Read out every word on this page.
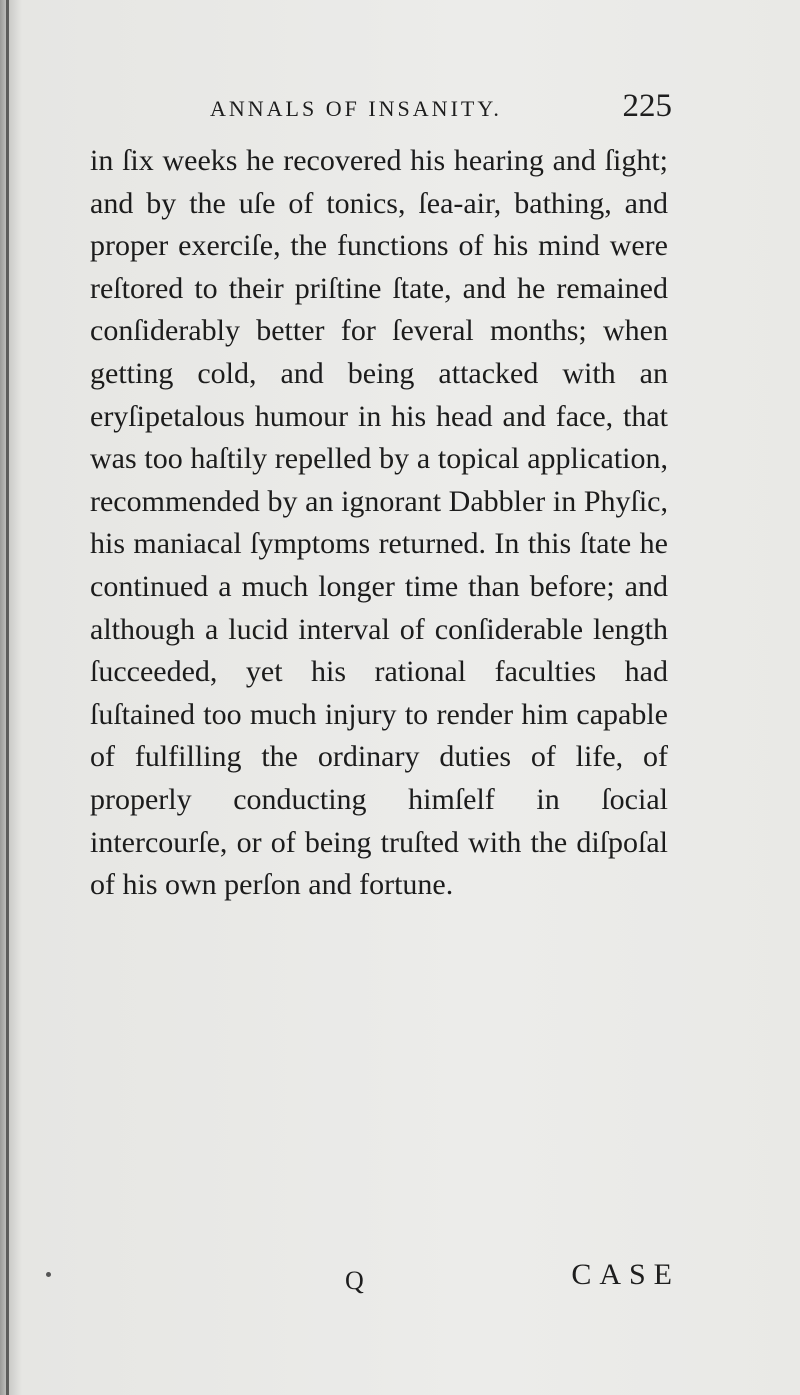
ANNALS OF INSANITY.	225

in ſix weeks he recovered his hearing and ſight; and by the uſe of tonics, ſea-air, bathing, and proper exerciſe, the functions of his mind were reſtored to their priſtine ſtate, and he remained conſiderably better for ſeveral months; when getting cold, and being attacked with an eryſipetalous humour in his head and face, that was too haſtily repelled by a topical application, recommended by an ignorant Dabbler in Phyſic, his maniacal ſymptoms returned. In this ſtate he continued a much longer time than before; and although a lucid interval of conſiderable length ſucceeded, yet his rational faculties had ſuſtained too much injury to render him capable of fulfilling the ordinary duties of life, of properly conducting himſelf in ſocial intercourſe, or of being truſted with the diſpoſal of his own perſon and fortune.

Q	CASE
